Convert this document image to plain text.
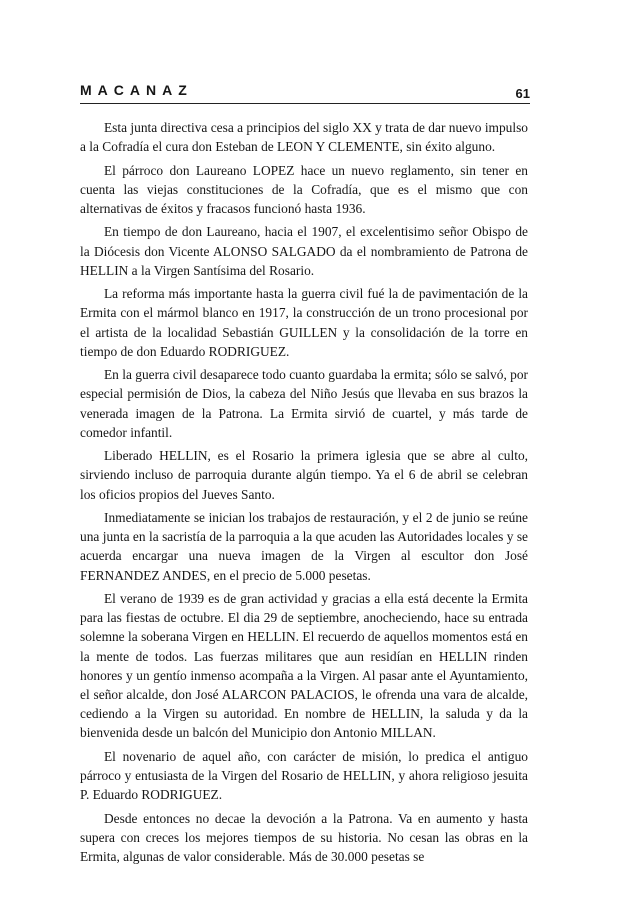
MACANAZ	61

Esta junta directiva cesa a principios del siglo XX y trata de dar nuevo impulso a la Cofradía el cura don Esteban de LEON Y CLEMENTE, sin éxito alguno.

El párroco don Laureano LOPEZ hace un nuevo reglamento, sin tener en cuenta las viejas constituciones de la Cofradía, que es el mismo que con alternativas de éxitos y fracasos funcionó hasta 1936.

En tiempo de don Laureano, hacia el 1907, el excelentisimo señor Obispo de la Diócesis don Vicente ALONSO SALGADO da el nombramiento de Patrona de HELLIN a la Virgen Santísima del Rosario.

La reforma más importante hasta la guerra civil fué la de pavimentación de la Ermita con el mármol blanco en 1917, la construcción de un trono procesional por el artista de la localidad Sebastián GUILLEN y la consolidación de la torre en tiempo de don Eduardo RODRIGUEZ.

En la guerra civil desaparece todo cuanto guardaba la ermita; sólo se salvó, por especial permisión de Dios, la cabeza del Niño Jesús que llevaba en sus brazos la venerada imagen de la Patrona. La Ermita sirvió de cuartel, y más tarde de comedor infantil.

Liberado HELLIN, es el Rosario la primera iglesia que se abre al culto, sirviendo incluso de parroquia durante algún tiempo. Ya el 6 de abril se celebran los oficios propios del Jueves Santo.

Inmediatamente se inician los trabajos de restauración, y el 2 de junio se reúne una junta en la sacristía de la parroquia a la que acuden las Autoridades locales y se acuerda encargar una nueva imagen de la Virgen al escultor don José FERNANDEZ ANDES, en el precio de 5.000 pesetas.

El verano de 1939 es de gran actividad y gracias a ella está decente la Ermita para las fiestas de octubre. El dia 29 de septiembre, anocheciendo, hace su entrada solemne la soberana Virgen en HELLIN. El recuerdo de aquellos momentos está en la mente de todos. Las fuerzas militares que aun residían en HELLIN rinden honores y un gentío inmenso acompaña a la Virgen. Al pasar ante el Ayuntamiento, el señor alcalde, don José ALARCON PALACIOS, le ofrenda una vara de alcalde, cediendo a la Virgen su autoridad. En nombre de HELLIN, la saluda y da la bienvenida desde un balcón del Municipio don Antonio MILLAN.

El novenario de aquel año, con carácter de misión, lo predica el antiguo párroco y entusiasta de la Virgen del Rosario de HELLIN, y ahora religioso jesuita P. Eduardo RODRIGUEZ.

Desde entonces no decae la devoción a la Patrona. Va en aumento y hasta supera con creces los mejores tiempos de su historia. No cesan las obras en la Ermita, algunas de valor considerable. Más de 30.000 pesetas se
